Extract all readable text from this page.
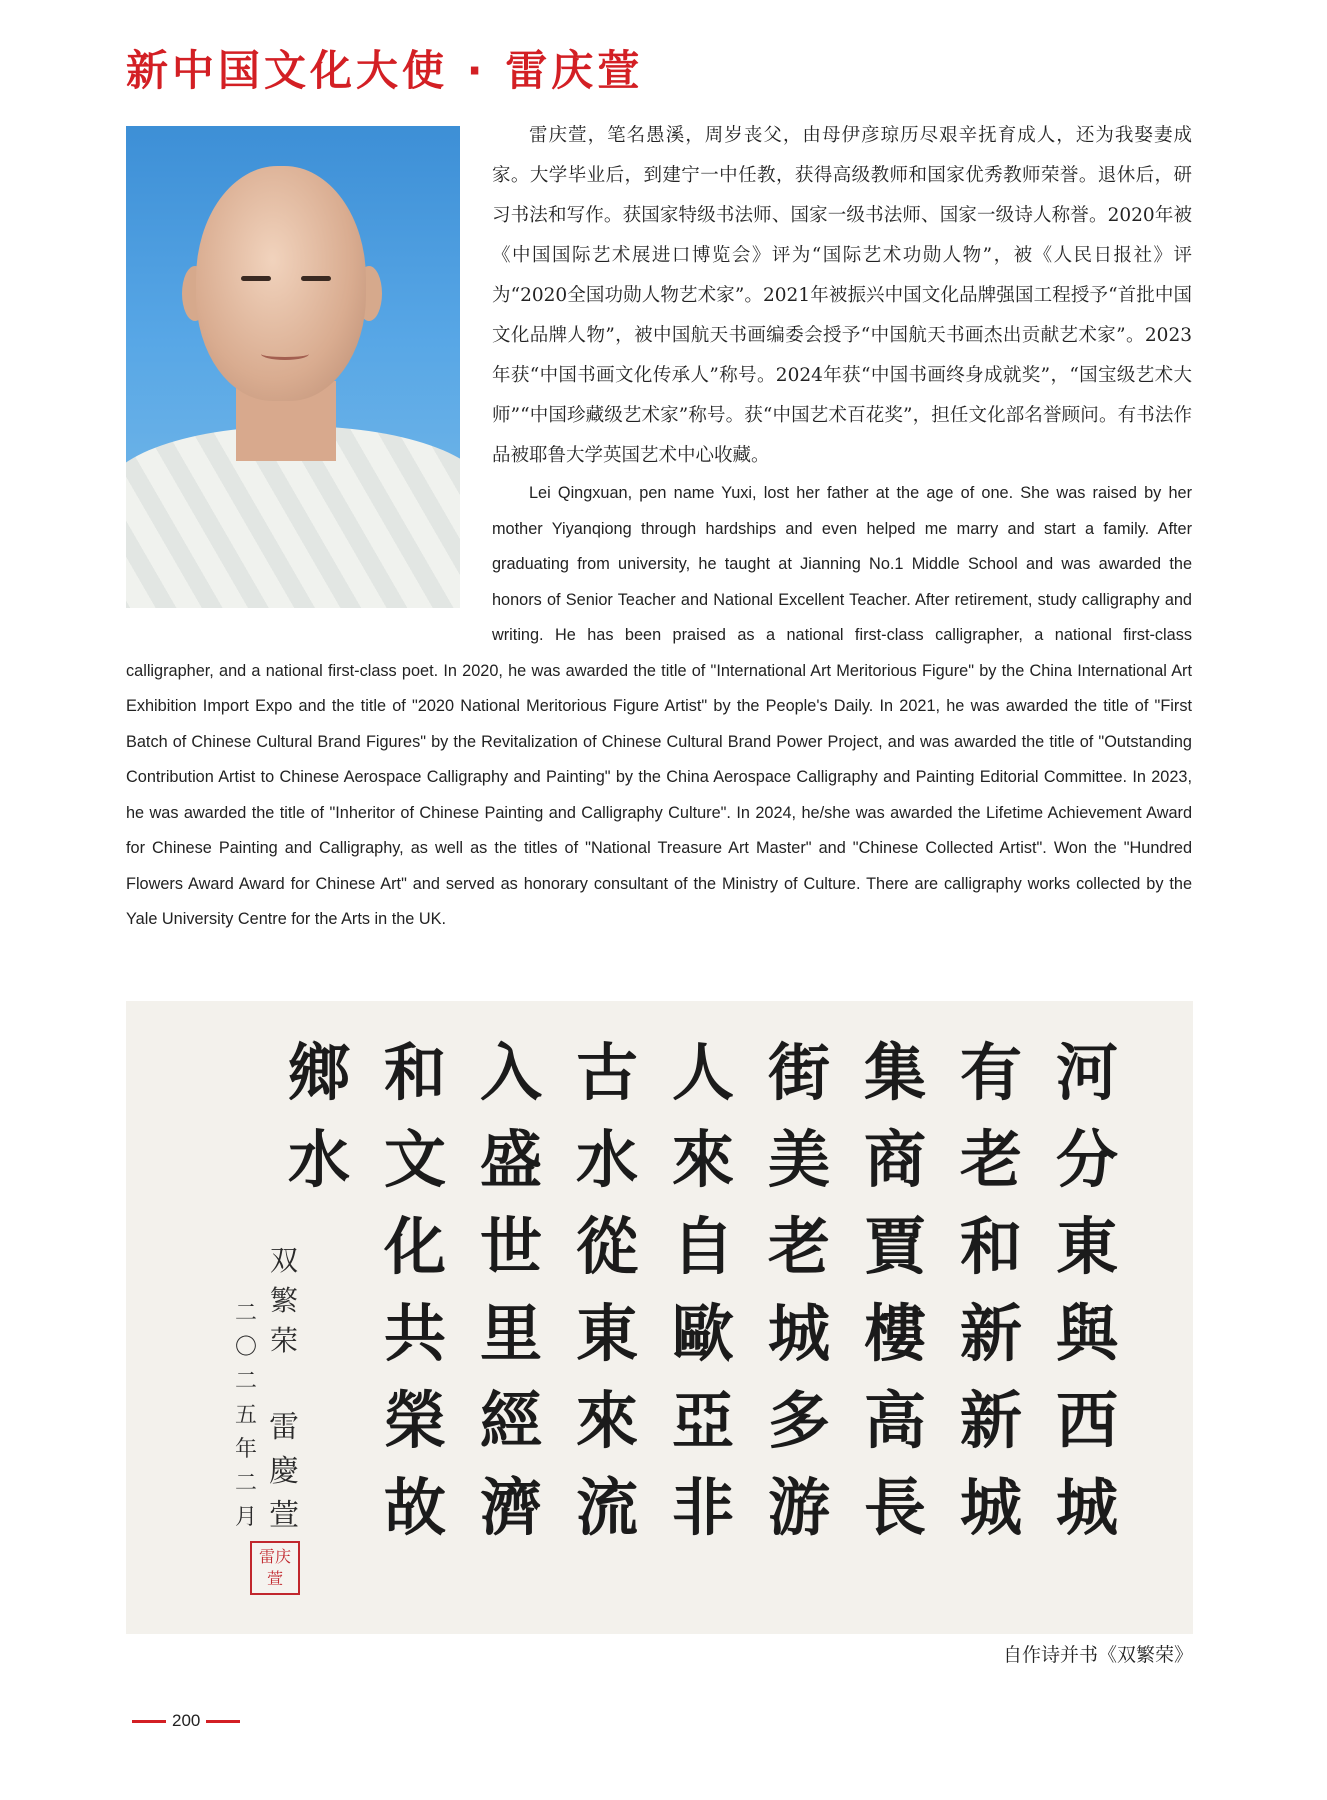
新中国文化大使 · 雷庆萱

雷庆萱，笔名愚溪，周岁丧父，由母伊彦琼历尽艰辛抚育成人，还为我娶妻成家。大学毕业后，到建宁一中任教，获得高级教师和国家优秀教师荣誉。退休后，研习书法和写作。获国家特级书法师、国家一级书法师、国家一级诗人称誉。2020年被《中国国际艺术展进口博览会》评为“国际艺术功勋人物”，被《人民日报社》评为“2020全国功勋人物艺术家”。2021年被振兴中国文化品牌强国工程授予“首批中国文化品牌人物”，被中国航天书画编委会授予“中国航天书画杰出贡献艺术家”。2023年获“中国书画文化传承人”称号。2024年获“中国书画终身成就奖”，“国宝级艺术大师”“中国珍藏级艺术家”称号。获“中国艺术百花奖”，担任文化部名誉顾问。有书法作品被耶鲁大学英国艺术中心收藏。

Lei Qingxuan, pen name Yuxi, lost her father at the age of one. She was raised by her mother Yiyanqiong through hardships and even helped me marry and start a family. After graduating from university, he taught at Jianning No.1 Middle School and was awarded the honors of Senior Teacher and National Excellent Teacher. After retirement, study calligraphy and writing. He has been praised as a national first-class calligrapher, a national first-class calligrapher, and a national first-class poet. In 2020, he was awarded the title of "International Art Meritorious Figure" by the China International Art Exhibition Import Expo and the title of "2020 National Meritorious Figure Artist" by the People's Daily. In 2021, he was awarded the title of "First Batch of Chinese Cultural Brand Figures" by the Revitalization of Chinese Cultural Brand Power Project, and was awarded the title of "Outstanding Contribution Artist to Chinese Aerospace Calligraphy and Painting" by the China Aerospace Calligraphy and Painting Editorial Committee. In 2023, he was awarded the title of "Inheritor of Chinese Painting and Calligraphy Culture". In 2024, he/she was awarded the Lifetime Achievement Award for Chinese Painting and Calligraphy, as well as the titles of "National Treasure Art Master" and "Chinese Collected Artist". Won the "Hundred Flowers Award Award for Chinese Art" and served as honorary consultant of the Ministry of Culture. There are calligraphy works collected by the Yale University Centre for the Arts in the UK.

河
分
東
與
西
城
有
老
和
新
新
城
集
商
賈
樓
高
長
街
美
老
城
多
游
人
來
自
歐
亞
非
古
水
從
東
來
流
入
盛
世
里
經
濟
和
文
化
共
榮
故
鄉
水
双
繁
荣
二
〇
二
五
年
二
月
雷
慶
萱
雷庆萱
自作诗并书《双繁荣》
200
